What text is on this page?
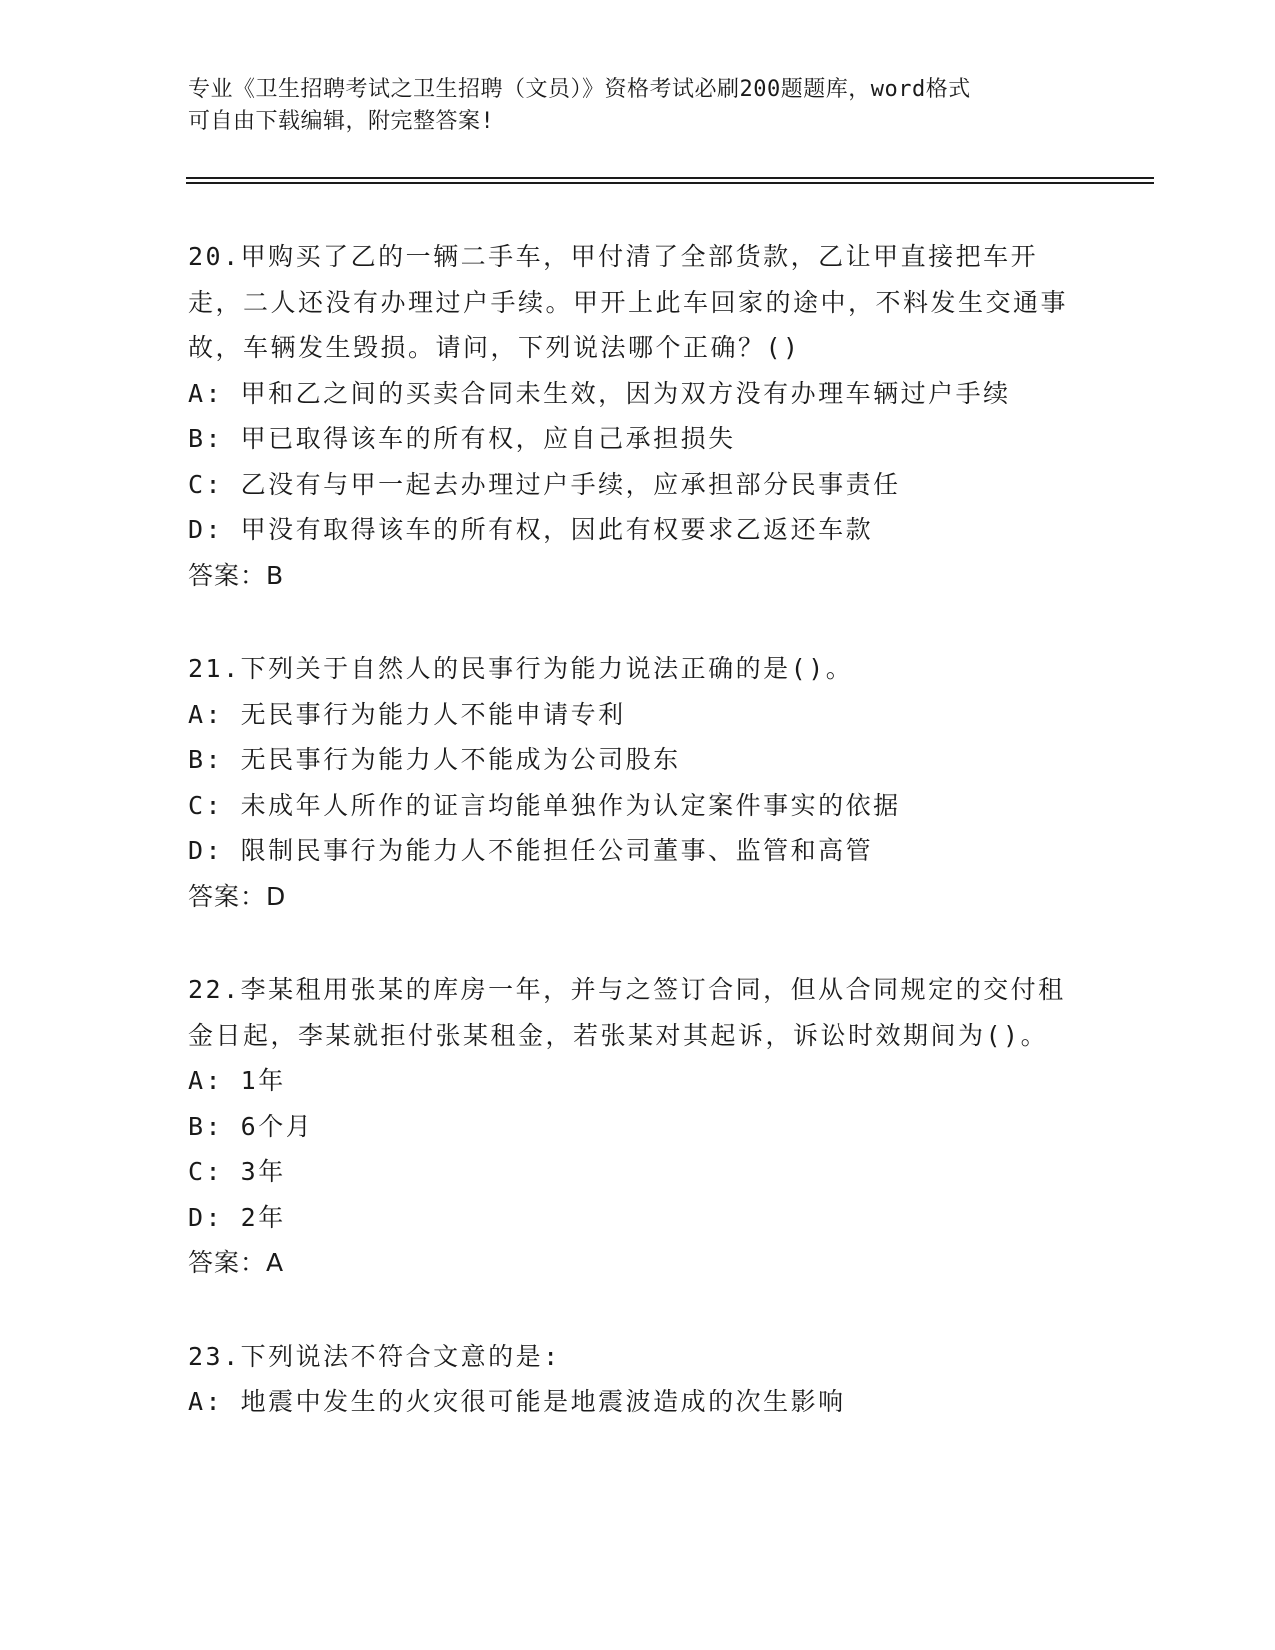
专业《卫生招聘考试之卫生招聘（文员）》资格考试必刷200题题库，word格式
可自由下载编辑，附完整答案!
20.甲购买了乙的一辆二手车，甲付清了全部货款，乙让甲直接把车开走，二人还没有办理过户手续。甲开上此车回家的途中，不料发生交通事故，车辆发生毁损。请问，下列说法哪个正确？()
A: 甲和乙之间的买卖合同未生效，因为双方没有办理车辆过户手续
B: 甲已取得该车的所有权，应自己承担损失
C: 乙没有与甲一起去办理过户手续，应承担部分民事责任
D: 甲没有取得该车的所有权，因此有权要求乙返还车款
答案：B
21.下列关于自然人的民事行为能力说法正确的是()。
A: 无民事行为能力人不能申请专利
B: 无民事行为能力人不能成为公司股东
C: 未成年人所作的证言均能单独作为认定案件事实的依据
D: 限制民事行为能力人不能担任公司董事、监管和高管
答案：D
22.李某租用张某的库房一年，并与之签订合同，但从合同规定的交付租金日起，李某就拒付张某租金，若张某对其起诉，诉讼时效期间为()。
A: 1年
B: 6个月
C: 3年
D: 2年
答案：A
23.下列说法不符合文意的是:
A: 地震中发生的火灾很可能是地震波造成的次生影响
